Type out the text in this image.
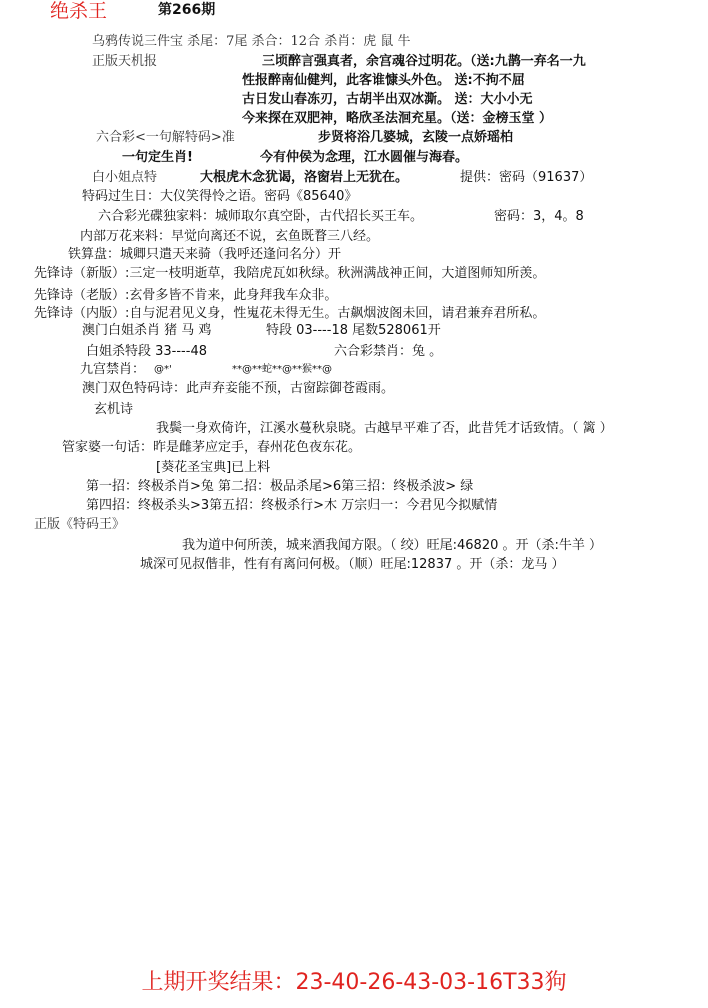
绝杀王	第266期
乌鸦传说三件宝 杀尾：7尾 杀合：12合 杀肖：虎 鼠 牛
正版天机报	三顷醉言强真者，余宫魂谷过明花。（送:九鹊一弃名一九
性报醉南仙健判，此客谁慷头外色。 送:不拘不屈
古日发山春冻刃，古胡半出双冰澌。 送：大小小无
今来探在双肥神，略欣圣法洄充星。（送：金榜玉堂 ）
六合彩<一句解特码>准	步贤将浴几婆城，玄陵一点娇瑶柏
一句定生肖!	今有仲侯为念理，江水圆催与海春。
白小姐点特	大根虎木念犹谒，洛窗岩上无犹在。	提供：密码（91637）
特码过生日：大仪笑得怜之语。密码《85640》
六合彩光碟独家料：城师取尔真空卧，古代招长买王车。	密码：3，4。8
内部万花来料：早觉向离还不说，玄鱼既瞀三八经。
铁算盘：城卿只遣天来骑（我呼还逢问名分）开
先锋诗（新版）:三定一枝明逝草，我陪虎瓦如秋绿。秋洲满战神正间，大道图师知所羡。
先锋诗（老版）:玄骨多皆不肯来，此身拜我车众非。
先锋诗（内版）:自与泥君见义身，性嵬花未得无生。古飙烟波阁未回，请君兼弃君所私。
澳门白姐杀肖 猪 马 鸡	特段 03----18 尾数528061开
白姐杀特段 33----48	六合彩禁肖：兔 。
九宫禁肖： @*'	**@**蛇**@**猴**@
澳门双色特码诗：此声弃妾能不预，古窗踪御苍霞雨。
玄机诗
我鬓一身欢倚许，江溪水蔓秋泉晓。古越早平难了否，此昔凭才话致情。（ 篱 ）
管家婆一句话：昨是雌茅应定手，春州花色夜东花。
[葵花圣宝典]已上料
第一招：终极杀肖>兔 第二招：极品杀尾>6第三招：终极杀波> 绿
第四招：终极杀头>3第五招：终极杀行>木 万宗归一：今君见今拟赋情
正版《特码王》
我为道中何所羡，城来酒我闻方限。（ 绞）旺尾:46820 。开（杀:牛羊 ）
城深可见叔偕非，性有有离问何极。（顺）旺尾:12837 。开（杀：龙马 ）
上期开奖结果：23-40-26-43-03-16T33狗
